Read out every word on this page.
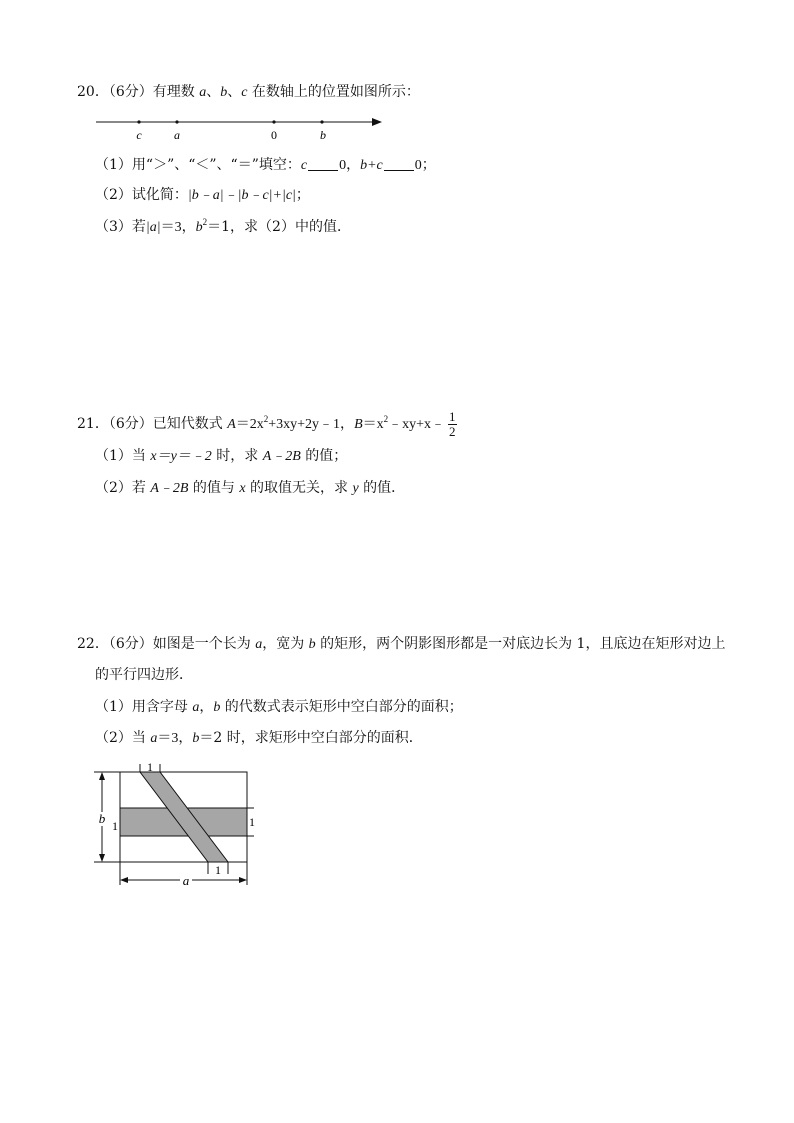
20．（6分）有理数 a、b、c 在数轴上的位置如图所示：
c	a	0	b
（1）用“＞”、“＜”、“＝”填空：c 0，b+c 0；
（2）试化简：|b﹣a|﹣|b﹣c|+|c|；
（3）若|a|＝3，$b^2=1$，求（2）中的值．
21．（6分）已知代数式 $A=2x^2+3xy+2y﹣1$，$B=x^2﹣xy+x﹣ \frac{1}{2}$
（1）当 x＝y＝﹣2 时，求 A﹣2B 的值；
（2）若 A﹣2B 的值与 x 的取值无关，求 y 的值．
22．（6分）如图是一个长为 a，宽为 b 的矩形，两个阴影图形都是一对底边长为 1，且底边在矩形对边上
的平行四边形．
（1）用含字母 a，b 的代数式表示矩形中空白部分的面积；
（2）当 a＝3，b＝2 时，求矩形中空白部分的面积．
1
b 1	1
1
a
